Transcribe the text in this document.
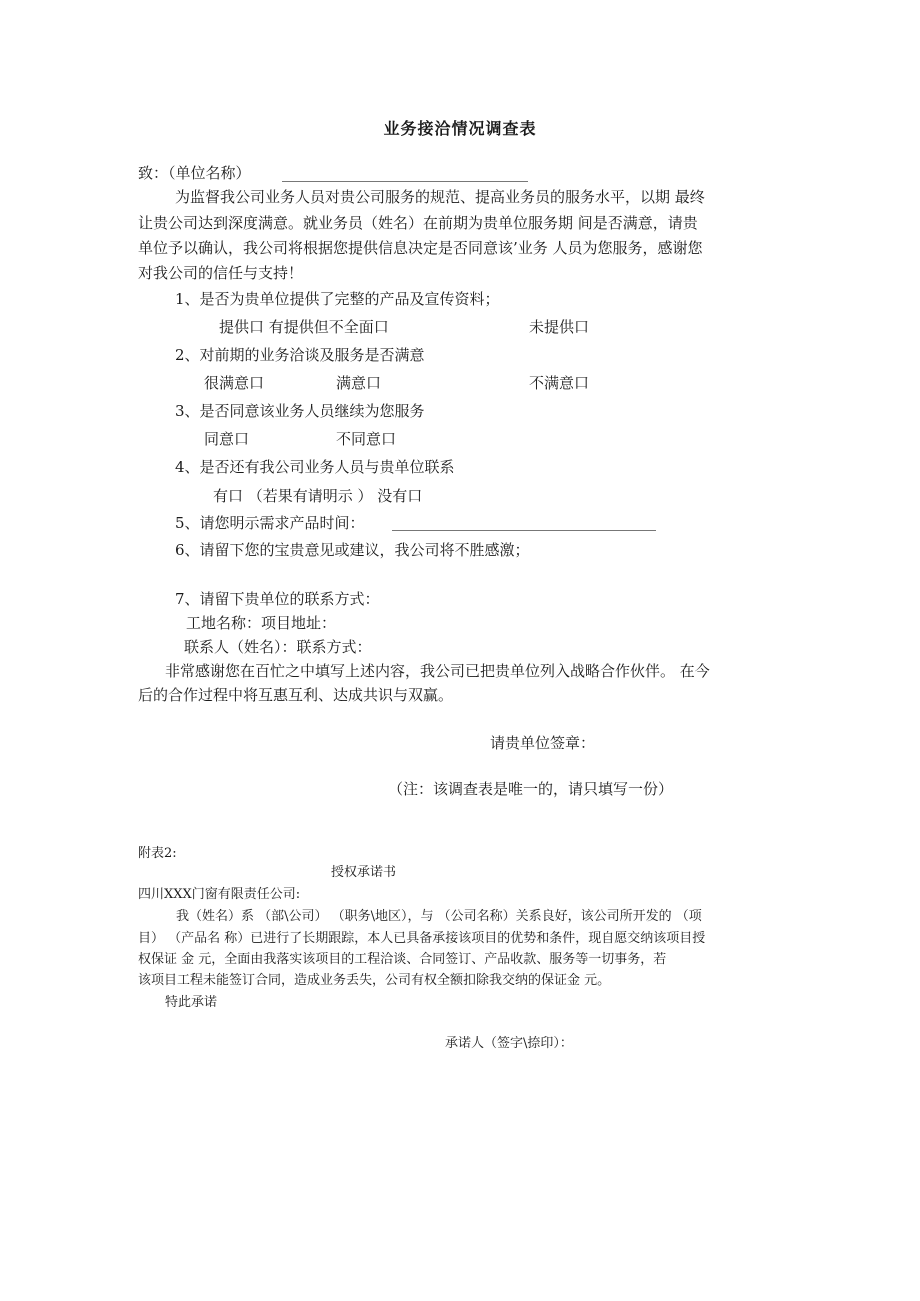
业务接洽情况调查表
致：（单位名称）
为监督我公司业务人员对贵公司服务的规范、提高业务员的服务水平，以期 最终
让贵公司达到深度满意。就业务员（姓名）在前期为贵单位服务期 间是否满意，请贵
单位予以确认，我公司将根据您提供信息决定是否同意该’业务 人员为您服务，感谢您
对我公司的信任与支持！
1、是否为贵单位提供了完整的产品及宣传资料；
提供口 有提供但不全面口	未提供口
2、对前期的业务洽谈及服务是否满意
很满意口	满意口	不满意口
3、是否同意该业务人员继续为您服务
同意口	不同意口
4、是否还有我公司业务人员与贵单位联系
有口 （若果有请明示 ） 没有口
5、请您明示需求产品时间：
6、请留下您的宝贵意见或建议，我公司将不胜感激；
7、请留下贵单位的联系方式：
工地名称：项目地址：
联系人（姓名）：联系方式：
非常感谢您在百忙之中填写上述内容，我公司已把贵单位列入战略合作伙伴。 在今
后的合作过程中将互惠互利、达成共识与双赢。
请贵单位签章：
（注：该调查表是唯一的，请只填写一份）
附表2:
授权承诺书
四川XXX门窗有限责任公司:
我（姓名）系 （部\公司） （职务\地区），与 （公司名称）关系良好，该公司所开发的 （项
目） （产品名 称）已进行了长期跟踪，本人已具备承接该项目的优势和条件，现自愿交纳该项目授
权保证 金 元，全面由我落实该项目的工程洽谈、合同签订、产品收款、服务等一切事务，若
该项目工程未能签订合同，造成业务丢失，公司有权全额扣除我交纳的保证金 元。
特此承诺
承诺人（签字\捺印）：
